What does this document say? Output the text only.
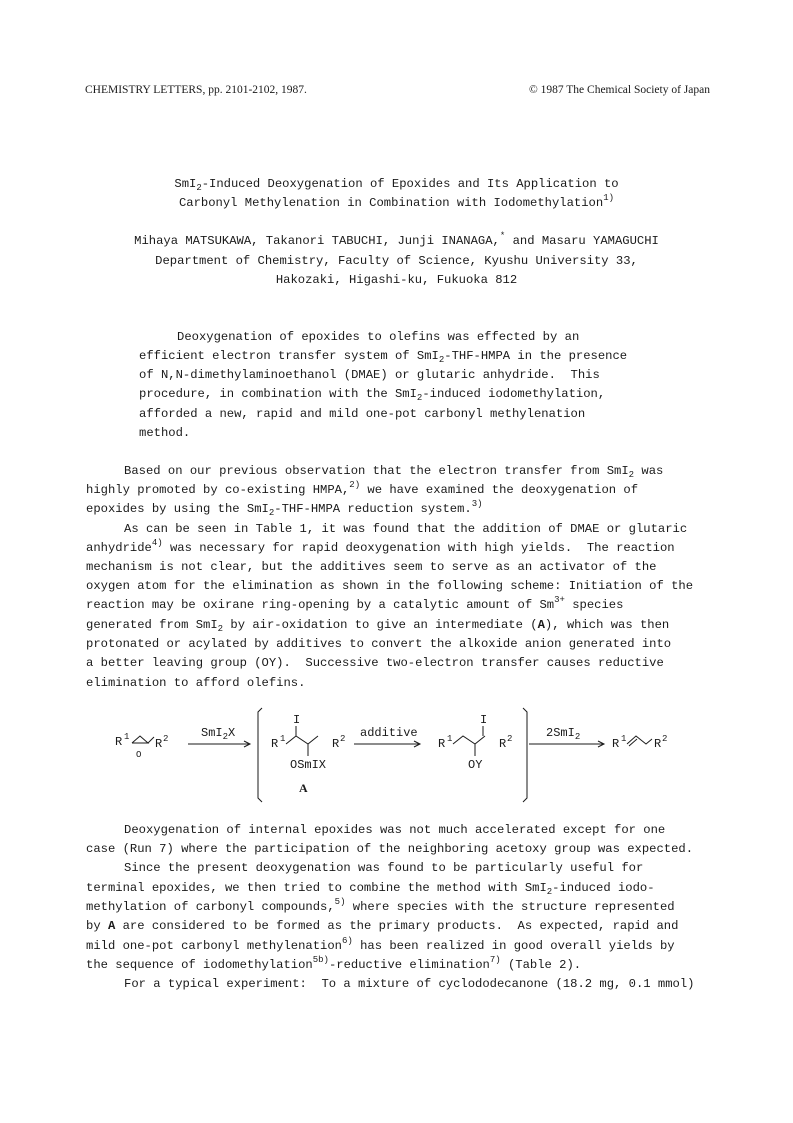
CHEMISTRY LETTERS, pp. 2101-2102, 1987.	© 1987 The Chemical Society of Japan
SmI$_2$-Induced Deoxygenation of Epoxides and Its Application to
Carbonyl Methylenation in Combination with Iodomethylation$^{1)}$
Mihaya MATSUKAWA, Takanori TABUCHI, Junji INANAGA,* and Masaru YAMAGUCHI
Department of Chemistry, Faculty of Science, Kyushu University 33,
Hakozaki, Higashi-ku, Fukuoka 812
Deoxygenation of epoxides to olefins was effected by an
efficient electron transfer system of SmI$_2$-THF-HMPA in the presence
of N,N-dimethylaminoethanol (DMAE) or glutaric anhydride.  This
procedure, in combination with the SmI$_2$-induced iodomethylation,
afforded a new, rapid and mild one-pot carbonyl methylenation
method.
Based on our previous observation that the electron transfer from SmI$_2$ was
highly promoted by co-existing HMPA,$^{2)}$ we have examined the deoxygenation of
epoxides by using the SmI$_2$-THF-HMPA reduction system.$^{3)}$
As can be seen in Table 1, it was found that the addition of DMAE or glutaric
anhydride$^{4)}$ was necessary for rapid deoxygenation with high yields.  The reaction
mechanism is not clear, but the additives seem to serve as an activator of the
oxygen atom for the elimination as shown in the following scheme: Initiation of the
reaction may be oxirane ring-opening by a catalytic amount of $Sm^{3+}$ species
generated from SmI$_2$ by air-oxidation to give an intermediate (A), which was then
protonated or acylated by additives to convert the alkoxide anion generated into
a better leaving group (OY).  Successive two-electron transfer causes reductive
elimination to afford olefins.
R 1
O
R 2	SmI$_2$X
R 1
I
R 2
OSmIX
A
additive
R 1
I
R 2
OY
2SmI$_2$	R 1 R 2
Deoxygenation of internal epoxides was not much accelerated except for one
case (Run 7) where the participation of the neighboring acetoxy group was expected.
Since the present deoxygenation was found to be particularly useful for
terminal epoxides, we then tried to combine the method with SmI$_2$-induced iodo-
methylation of carbonyl compounds,$^{5)}$ where species with the structure represented
by A are considered to be formed as the primary products.  As expected, rapid and
mild one-pot carbonyl methylenation$^{6)}$ has been realized in good overall yields by
the sequence of iodomethylation$^{5b)}$-reductive elimination$^{7)}$ (Table 2).
For a typical experiment:  To a mixture of cyclododecanone (18.2 mg, 0.1 mmol)
